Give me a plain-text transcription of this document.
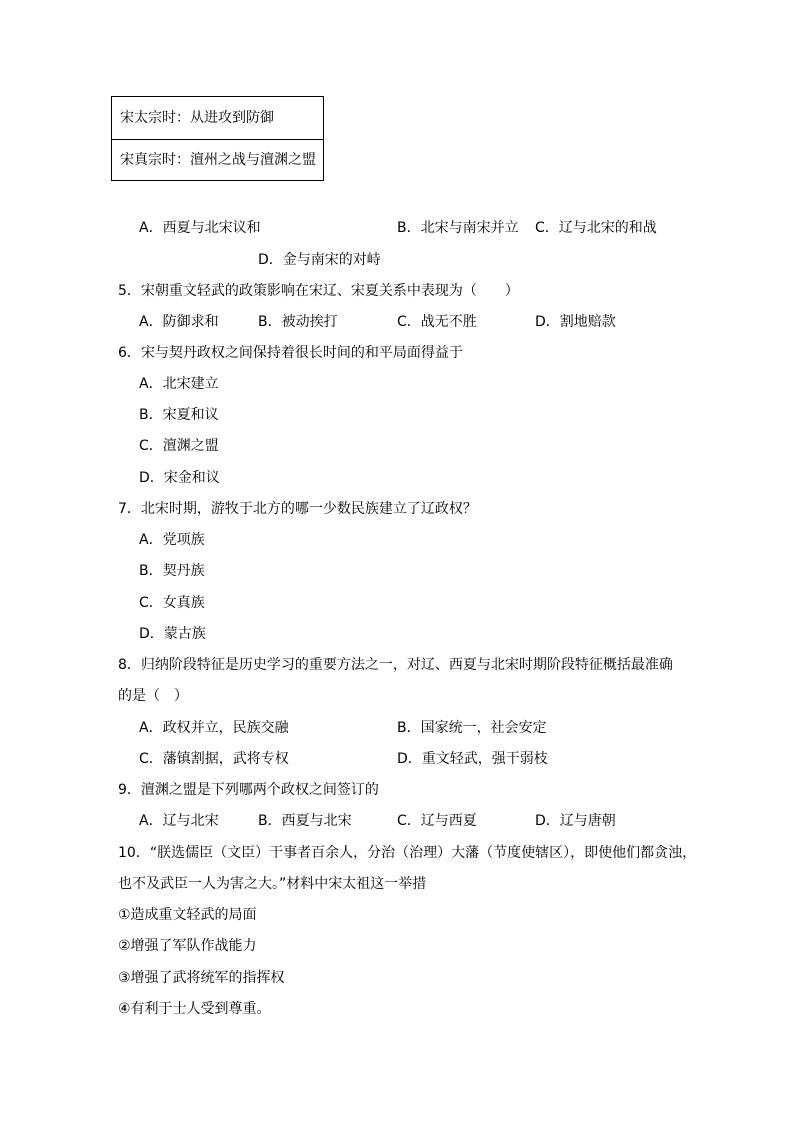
宋太宗时：从进攻到防御
宋真宗时：澶州之战与澶渊之盟
A．西夏与北宋议和	B．北宋与南宋并立 C．辽与北宋的和战
D．金与南宋的对峙
5．宋朝重文轻武的政策影响在宋辽、宋夏关系中表现为（　　）
A．防御求和	B．被动挨打	C．战无不胜	D．割地赔款
6．宋与契丹政权之间保持着很长时间的和平局面得益于
A．北宋建立
B．宋夏和议
C．澶渊之盟
D．宋金和议
7．北宋时期，游牧于北方的哪一少数民族建立了辽政权？
A．党项族
B．契丹族
C．女真族
D．蒙古族
8．归纳阶段特征是历史学习的重要方法之一，对辽、西夏与北宋时期阶段特征概括最准确
的是（　）
A．政权并立，民族交融	B．国家统一，社会安定
C．藩镇割据，武将专权	D．重文轻武，强干弱枝
9．澶渊之盟是下列哪两个政权之间签订的
A．辽与北宋	B．西夏与北宋	C．辽与西夏	D．辽与唐朝
10．“朕选儒臣（文臣）干事者百余人，分治（治理）大藩（节度使辖区），即使他们都贪浊，
也不及武臣一人为害之大。”材料中宋太祖这一举措
①造成重文轻武的局面
②增强了军队作战能力
③增强了武将统军的指挥权
④有利于士人受到尊重。
